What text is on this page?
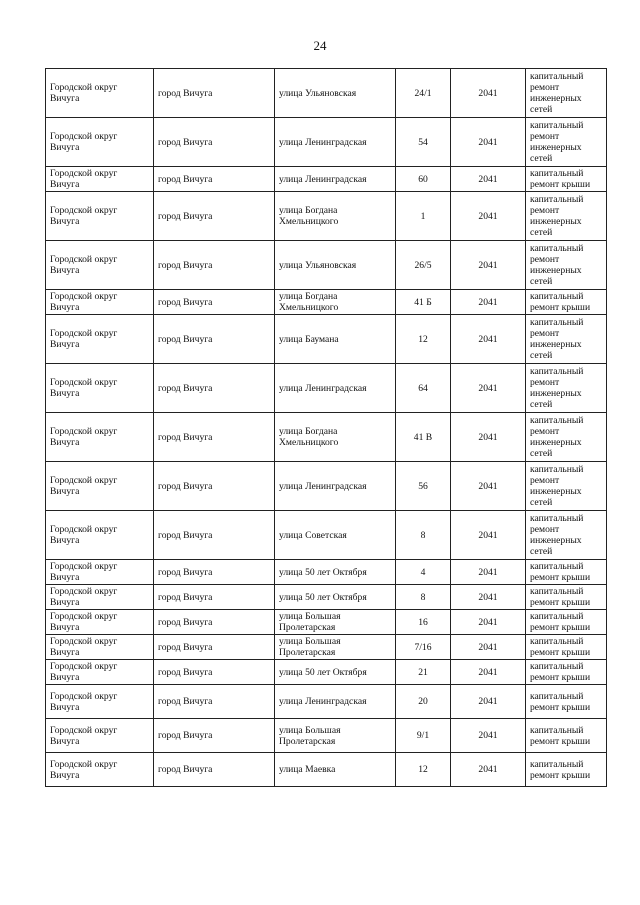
24
Городской округ Вичуга	город Вичуга	улица Ульяновская	24/1	2041	капитальный ремонт инженерных сетей
Городской округ Вичуга	город Вичуга	улица Ленинградская	54	2041	капитальный ремонт инженерных сетей
Городской округ Вичуга	город Вичуга	улица Ленинградская	60	2041	капитальный ремонт крыши
Городской округ Вичуга	город Вичуга	улица Богдана Хмельницкого	1	2041	капитальный ремонт инженерных сетей
Городской округ Вичуга	город Вичуга	улица Ульяновская	26/5	2041	капитальный ремонт инженерных сетей
Городской округ Вичуга	город Вичуга	улица Богдана Хмельницкого	41 Б	2041	капитальный ремонт крыши
Городской округ Вичуга	город Вичуга	улица Баумана	12	2041	капитальный ремонт инженерных сетей
Городской округ Вичуга	город Вичуга	улица Ленинградская	64	2041	капитальный ремонт инженерных сетей
Городской округ Вичуга	город Вичуга	улица Богдана Хмельницкого	41 В	2041	капитальный ремонт инженерных сетей
Городской округ Вичуга	город Вичуга	улица Ленинградская	56	2041	капитальный ремонт инженерных сетей
Городской округ Вичуга	город Вичуга	улица Советская	8	2041	капитальный ремонт инженерных сетей
Городской округ Вичуга	город Вичуга	улица 50 лет Октября	4	2041	капитальный ремонт крыши
Городской округ Вичуга	город Вичуга	улица 50 лет Октября	8	2041	капитальный ремонт крыши
Городской округ Вичуга	город Вичуга	улица Большая Пролетарская	16	2041	капитальный ремонт крыши
Городской округ Вичуга	город Вичуга	улица Большая Пролетарская	7/16	2041	капитальный ремонт крыши
Городской округ Вичуга	город Вичуга	улица 50 лет Октября	21	2041	капитальный ремонт крыши
Городской округ Вичуга	город Вичуга	улица Ленинградская	20	2041	капитальный ремонт крыши
Городской округ Вичуга	город Вичуга	улица Большая Пролетарская	9/1	2041	капитальный ремонт крыши
Городской округ Вичуга	город Вичуга	улица Маевка	12	2041	капитальный ремонт крыши
